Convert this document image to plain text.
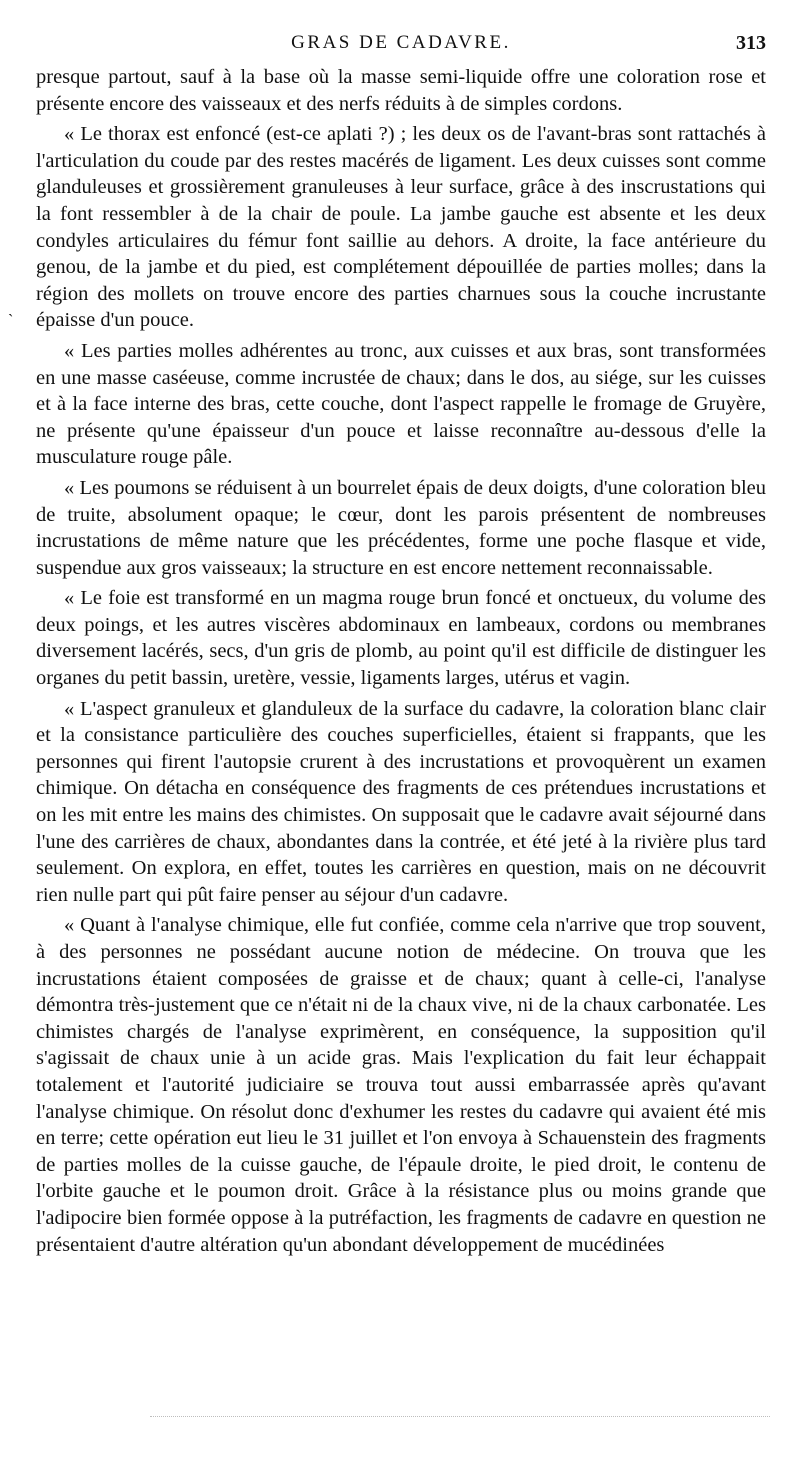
GRAS DE CADAVRE.	313
`

presque partout, sauf à la base où la masse semi-liquide offre une coloration rose et présente encore des vaisseaux et des nerfs réduits à de simples cordons.

« Le thorax est enfoncé (est-ce aplati ?) ; les deux os de l'avant-bras sont rattachés à l'articulation du coude par des restes macérés de ligament. Les deux cuisses sont comme glanduleuses et grossièrement granuleuses à leur surface, grâce à des inscrustations qui la font ressembler à de la chair de poule. La jambe gauche est absente et les deux condyles articulaires du fémur font saillie au dehors. A droite, la face antérieure du genou, de la jambe et du pied, est complétement dépouillée de parties molles; dans la région des mollets on trouve encore des parties charnues sous la couche incrustante épaisse d'un pouce.

« Les parties molles adhérentes au tronc, aux cuisses et aux bras, sont transformées en une masse caséeuse, comme incrustée de chaux; dans le dos, au siége, sur les cuisses et à la face interne des bras, cette couche, dont l'aspect rappelle le fromage de Gruyère, ne présente qu'une épaisseur d'un pouce et laisse reconnaître au-dessous d'elle la musculature rouge pâle.

« Les poumons se réduisent à un bourrelet épais de deux doigts, d'une coloration bleu de truite, absolument opaque; le cœur, dont les parois présentent de nombreuses incrustations de même nature que les précédentes, forme une poche flasque et vide, suspendue aux gros vaisseaux; la structure en est encore nettement reconnaissable.

« Le foie est transformé en un magma rouge brun foncé et onctueux, du volume des deux poings, et les autres viscères abdominaux en lambeaux, cordons ou membranes diversement lacérés, secs, d'un gris de plomb, au point qu'il est difficile de distinguer les organes du petit bassin, uretère, vessie, ligaments larges, utérus et vagin.

« L'aspect granuleux et glanduleux de la surface du cadavre, la coloration blanc clair et la consistance particulière des couches superficielles, étaient si frappants, que les personnes qui firent l'autopsie crurent à des incrustations et provoquèrent un examen chimique. On détacha en conséquence des fragments de ces prétendues incrustations et on les mit entre les mains des chimistes. On supposait que le cadavre avait séjourné dans l'une des carrières de chaux, abondantes dans la contrée, et été jeté à la rivière plus tard seulement. On explora, en effet, toutes les carrières en question, mais on ne découvrit rien nulle part qui pût faire penser au séjour d'un cadavre.

« Quant à l'analyse chimique, elle fut confiée, comme cela n'arrive que trop souvent, à des personnes ne possédant aucune notion de médecine. On trouva que les incrustations étaient composées de graisse et de chaux; quant à celle-ci, l'analyse démontra très-justement que ce n'était ni de la chaux vive, ni de la chaux carbonatée. Les chimistes chargés de l'analyse exprimèrent, en conséquence, la supposition qu'il s'agissait de chaux unie à un acide gras. Mais l'explication du fait leur échappait totalement et l'autorité judiciaire se trouva tout aussi embarrassée après qu'avant l'analyse chimique. On résolut donc d'exhumer les restes du cadavre qui avaient été mis en terre; cette opération eut lieu le 31 juillet et l'on envoya à Schauenstein des fragments de parties molles de la cuisse gauche, de l'épaule droite, le pied droit, le contenu de l'orbite gauche et le poumon droit. Grâce à la résistance plus ou moins grande que l'adipocire bien formée oppose à la putréfaction, les fragments de cadavre en question ne présentaient d'autre altération qu'un abondant développement de mucédinées
